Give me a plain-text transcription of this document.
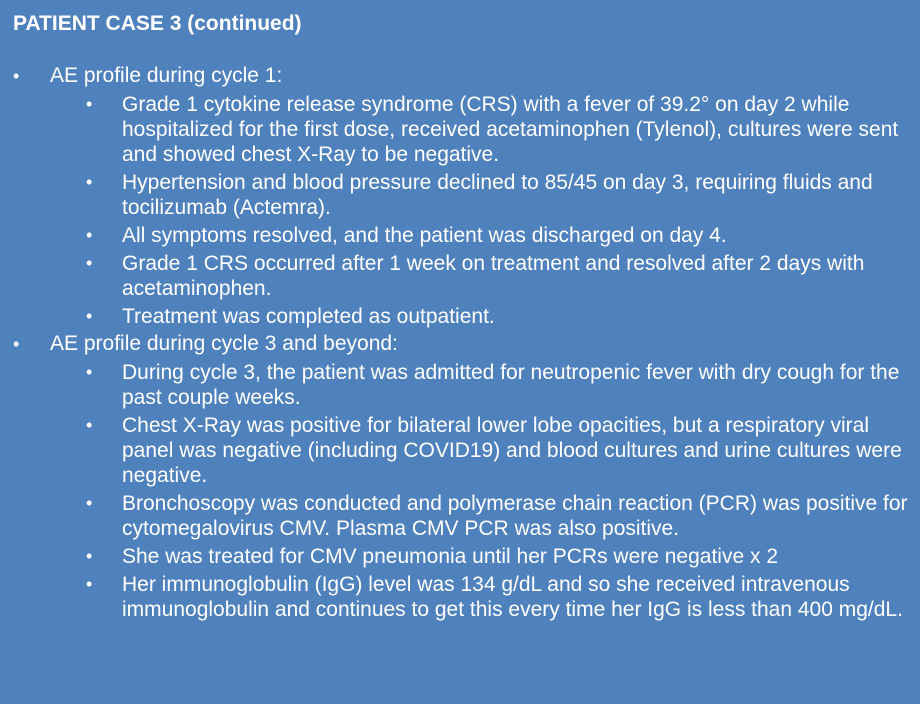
PATIENT CASE 3 (continued)
•	AE profile during cycle 1:
• Grade 1 cytokine release syndrome (CRS) with a fever of 39.2° on day 2 while hospitalized for the first dose, received acetaminophen (Tylenol), cultures were sent and showed chest X-Ray to be negative.
• Hypertension and blood pressure declined to 85/45 on day 3, requiring fluids and tocilizumab (Actemra).
• All symptoms resolved, and the patient was discharged on day 4.
• Grade 1 CRS occurred after 1 week on treatment and resolved after 2 days with acetaminophen.
• Treatment was completed as outpatient.
•	AE profile during cycle 3 and beyond:
• During cycle 3, the patient was admitted for neutropenic fever with dry cough for the past couple weeks.
• Chest X-Ray was positive for bilateral lower lobe opacities, but a respiratory viral panel was negative (including COVID19) and blood cultures and urine cultures were negative.
• Bronchoscopy was conducted and polymerase chain reaction (PCR) was positive for cytomegalovirus CMV. Plasma CMV PCR was also positive.
• She was treated for CMV pneumonia until her PCRs were negative x 2
• Her immunoglobulin (IgG) level was 134 g/dL and so she received intravenous immunoglobulin and continues to get this every time her IgG is less than 400 mg/dL.
